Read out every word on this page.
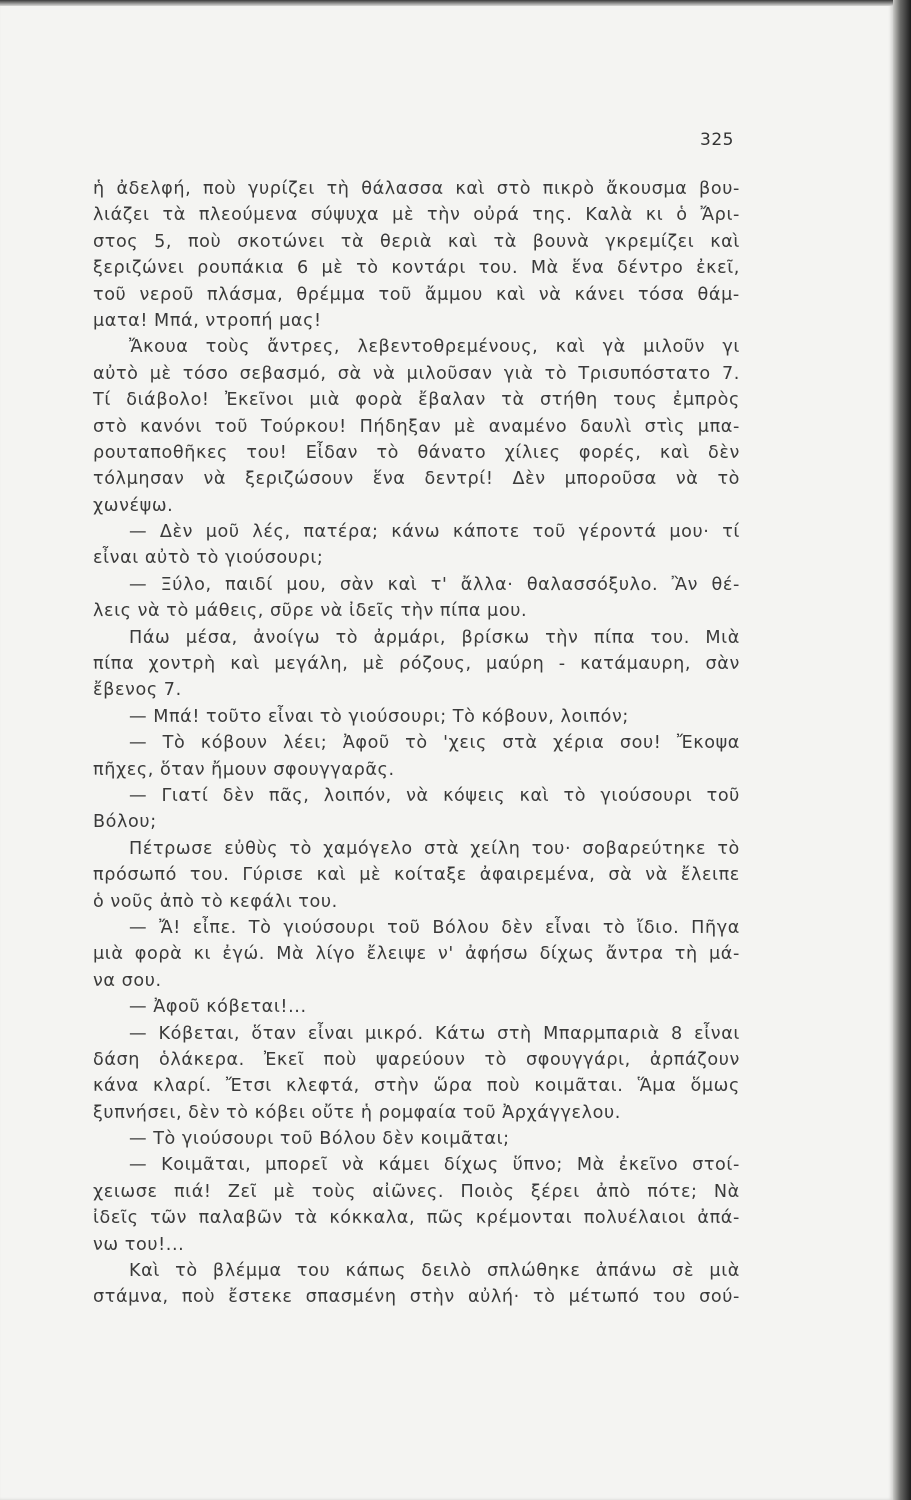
325
ἡ ἀδελφή, ποὺ γυρίζει τὴ θάλασσα καὶ στὸ πικρὸ ἄκουσμα βου-
λιάζει τὰ πλεούμενα σύψυχα μὲ τὴν οὐρά της. Καλὰ κι ὁ Ἄρι-
στος 5, ποὺ σκοτώνει τὰ θεριὰ καὶ τὰ βουνὰ γκρεμίζει καὶ
ξεριζώνει ρουπάκια 6 μὲ τὸ κοντάρι του. Μὰ ἕνα δέντρο ἐκεῖ,
τοῦ νεροῦ πλάσμα, θρέμμα τοῦ ἄμμου καὶ νὰ κάνει τόσα θάμ-
ματα! Μπά, ντροπή μας!
Ἄκουα τοὺς ἄντρες, λεβεντοθρεμένους, καὶ γὰ μιλοῦν γι
αὐτὸ μὲ τόσο σεβασμό, σὰ νὰ μιλοῦσαν γιὰ τὸ Τρισυπόστατο 7.
Τί διάβολο! Ἐκεῖνοι μιὰ φορὰ ἔβαλαν τὰ στήθη τους ἐμπρὸς
στὸ κανόνι τοῦ Τούρκου! Πήδηξαν μὲ αναμένο δαυλὶ στὶς μπα-
ρουταποθῆκες του! Εἶδαν τὸ θάνατο χίλιες φορές, καὶ δὲν
τόλμησαν νὰ ξεριζώσουν ἕνα δεντρί! Δὲν μποροῦσα νὰ τὸ
χωνέψω.
— Δὲν μοῦ λές, πατέρα; κάνω κάποτε τοῦ γέροντά μου· τί
εἶναι αὐτὸ τὸ γιούσουρι;
— Ξύλο, παιδί μου, σὰν καὶ τ' ἄλλα· θαλασσόξυλο. Ἂν θέ-
λεις νὰ τὸ μάθεις, σῦρε νὰ ἰδεῖς τὴν πίπα μου.
Πάω μέσα, ἀνοίγω τὸ ἀρμάρι, βρίσκω τὴν πίπα του. Μιὰ
πίπα χοντρὴ καὶ μεγάλη, μὲ ρόζους, μαύρη - κατάμαυρη, σὰν
ἔβενος 7.
— Μπά! τοῦτο εἶναι τὸ γιούσουρι; Τὸ κόβουν, λοιπόν;
— Τὸ κόβουν λέει; Ἀφοῦ τὸ 'χεις στὰ χέρια σου! Ἔκοψα
πῆχες, ὅταν ἤμουν σφουγγαρᾶς.
— Γιατί δὲν πᾶς, λοιπόν, νὰ κόψεις καὶ τὸ γιούσουρι τοῦ
Βόλου;
Πέτρωσε εὐθὺς τὸ χαμόγελο στὰ χείλη του· σοβαρεύτηκε τὸ
πρόσωπό του. Γύρισε καὶ μὲ κοίταξε ἀφαιρεμένα, σὰ νὰ ἔλειπε
ὁ νοῦς ἀπὸ τὸ κεφάλι του.
— Ἄ! εἶπε. Τὸ γιούσουρι τοῦ Βόλου δὲν εἶναι τὸ ἴδιο. Πῆγα
μιὰ φορὰ κι ἐγώ. Μὰ λίγο ἔλειψε ν' ἀφήσω δίχως ἄντρα τὴ μά-
να σου.
— Ἀφοῦ κόβεται!...
— Κόβεται, ὅταν εἶναι μικρό. Κάτω στὴ Μπαρμπαριὰ 8 εἶναι
δάση ὁλάκερα. Ἐκεῖ ποὺ ψαρεύουν τὸ σφουγγάρι, ἀρπάζουν
κάνα κλαρί. Ἔτσι κλεφτά, στὴν ὥρα ποὺ κοιμᾶται. Ἅμα ὅμως
ξυπνήσει, δὲν τὸ κόβει οὔτε ἡ ρομφαία τοῦ Ἀρχάγγελου.
— Τὸ γιούσουρι τοῦ Βόλου δὲν κοιμᾶται;
— Κοιμᾶται, μπορεῖ νὰ κάμει δίχως ὕπνο; Μὰ ἐκεῖνο στοί-
χειωσε πιά! Ζεῖ μὲ τοὺς αἰῶνες. Ποιὸς ξέρει ἀπὸ πότε; Νὰ
ἰδεῖς τῶν παλαβῶν τὰ κόκκαλα, πῶς κρέμονται πολυέλαιοι ἀπά-
νω του!...
Καὶ τὸ βλέμμα του κάπως δειλὸ σπλώθηκε ἀπάνω σὲ μιὰ
στάμνα, ποὺ ἔστεκε σπασμένη στὴν αὐλή· τὸ μέτωπό του σού-
